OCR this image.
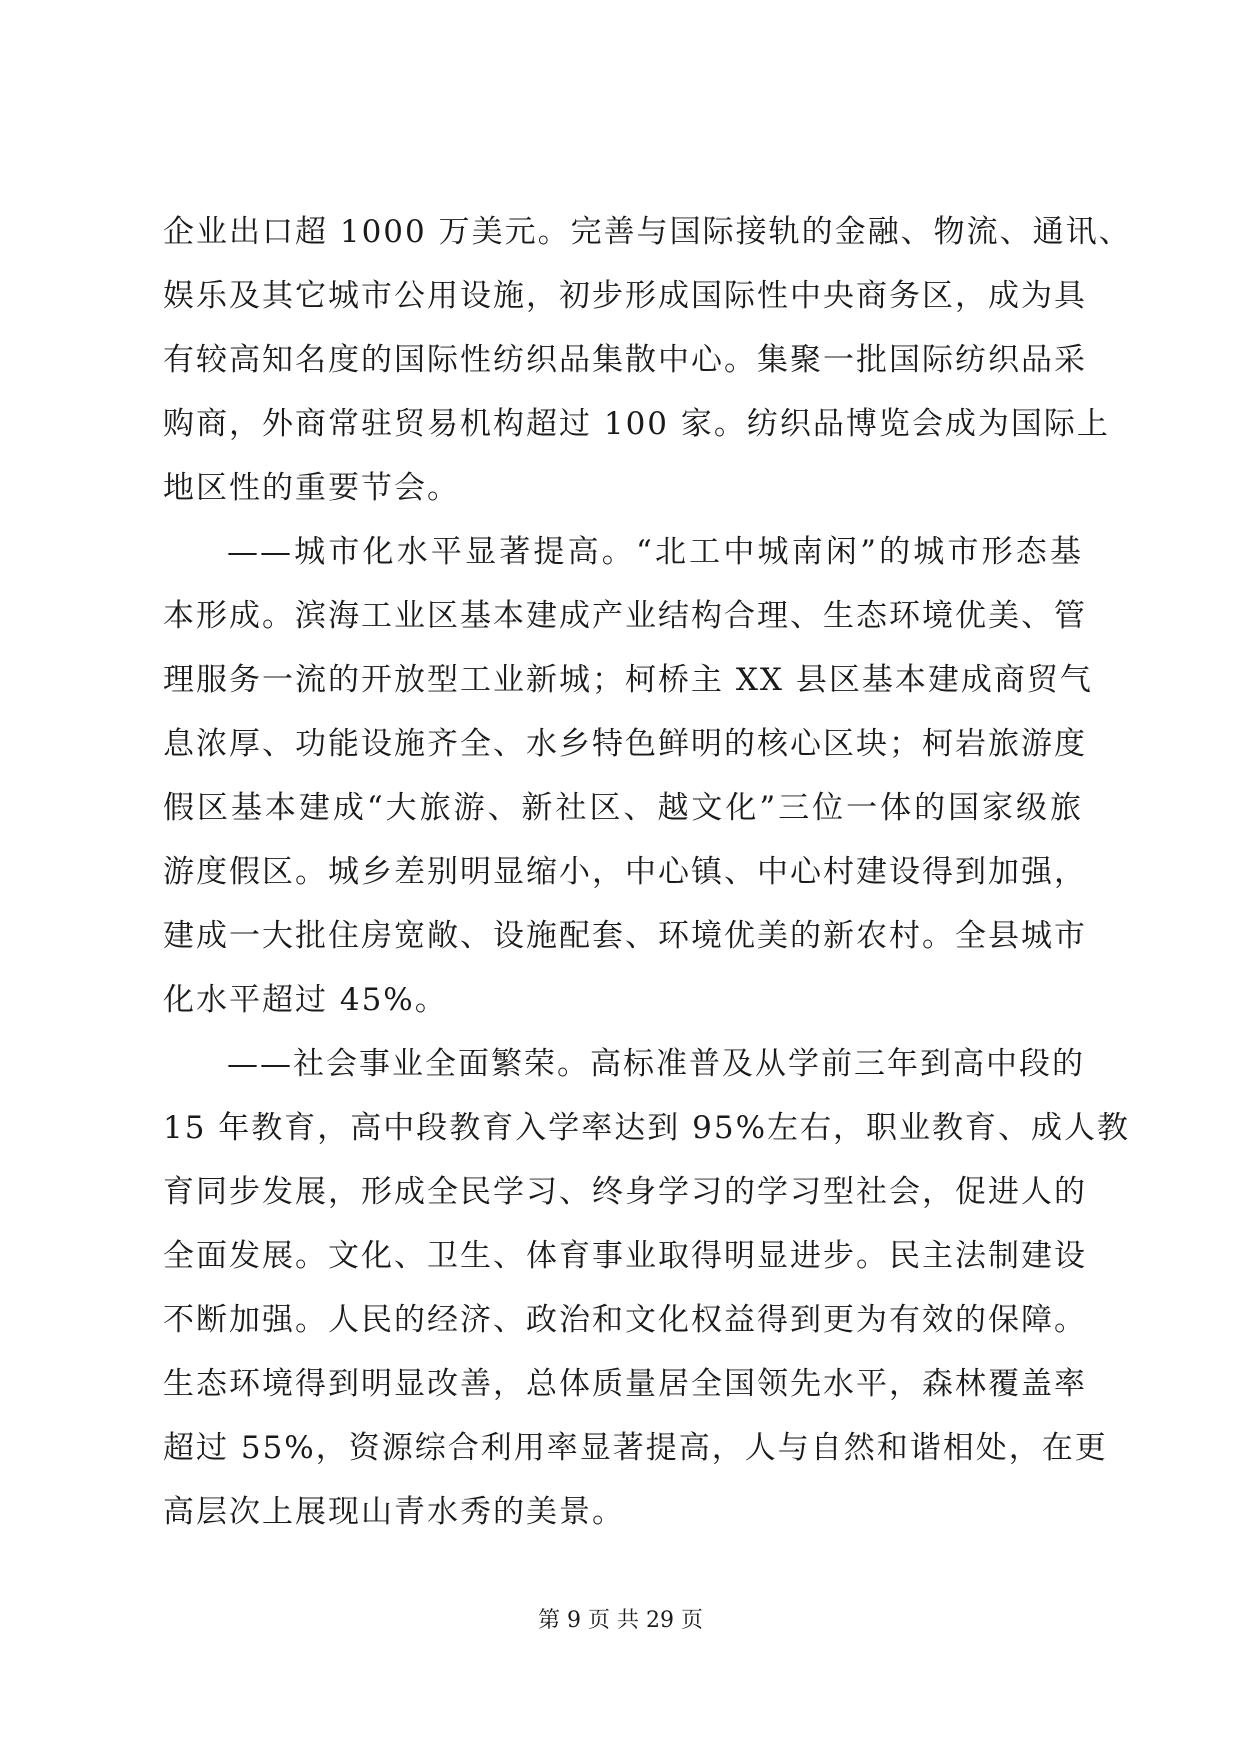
企业出口超 1000 万美元。完善与国际接轨的金融、物流、通讯、
娱乐及其它城市公用设施，初步形成国际性中央商务区，成为具
有较高知名度的国际性纺织品集散中心。集聚一批国际纺织品采
购商，外商常驻贸易机构超过 100 家。纺织品博览会成为国际上
地区性的重要节会。
——城市化水平显著提高。“北工中城南闲”的城市形态基
本形成。滨海工业区基本建成产业结构合理、生态环境优美、管
理服务一流的开放型工业新城；柯桥主 XX 县区基本建成商贸气
息浓厚、功能设施齐全、水乡特色鲜明的核心区块；柯岩旅游度
假区基本建成“大旅游、新社区、越文化”三位一体的国家级旅
游度假区。城乡差别明显缩小，中心镇、中心村建设得到加强，
建成一大批住房宽敞、设施配套、环境优美的新农村。全县城市
化水平超过 45%。
——社会事业全面繁荣。高标准普及从学前三年到高中段的
15 年教育，高中段教育入学率达到 95%左右，职业教育、成人教
育同步发展，形成全民学习、终身学习的学习型社会，促进人的
全面发展。文化、卫生、体育事业取得明显进步。民主法制建设
不断加强。人民的经济、政治和文化权益得到更为有效的保障。
生态环境得到明显改善，总体质量居全国领先水平，森林覆盖率
超过 55%，资源综合利用率显著提高，人与自然和谐相处，在更
高层次上展现山青水秀的美景。
第 9 页 共 29 页
